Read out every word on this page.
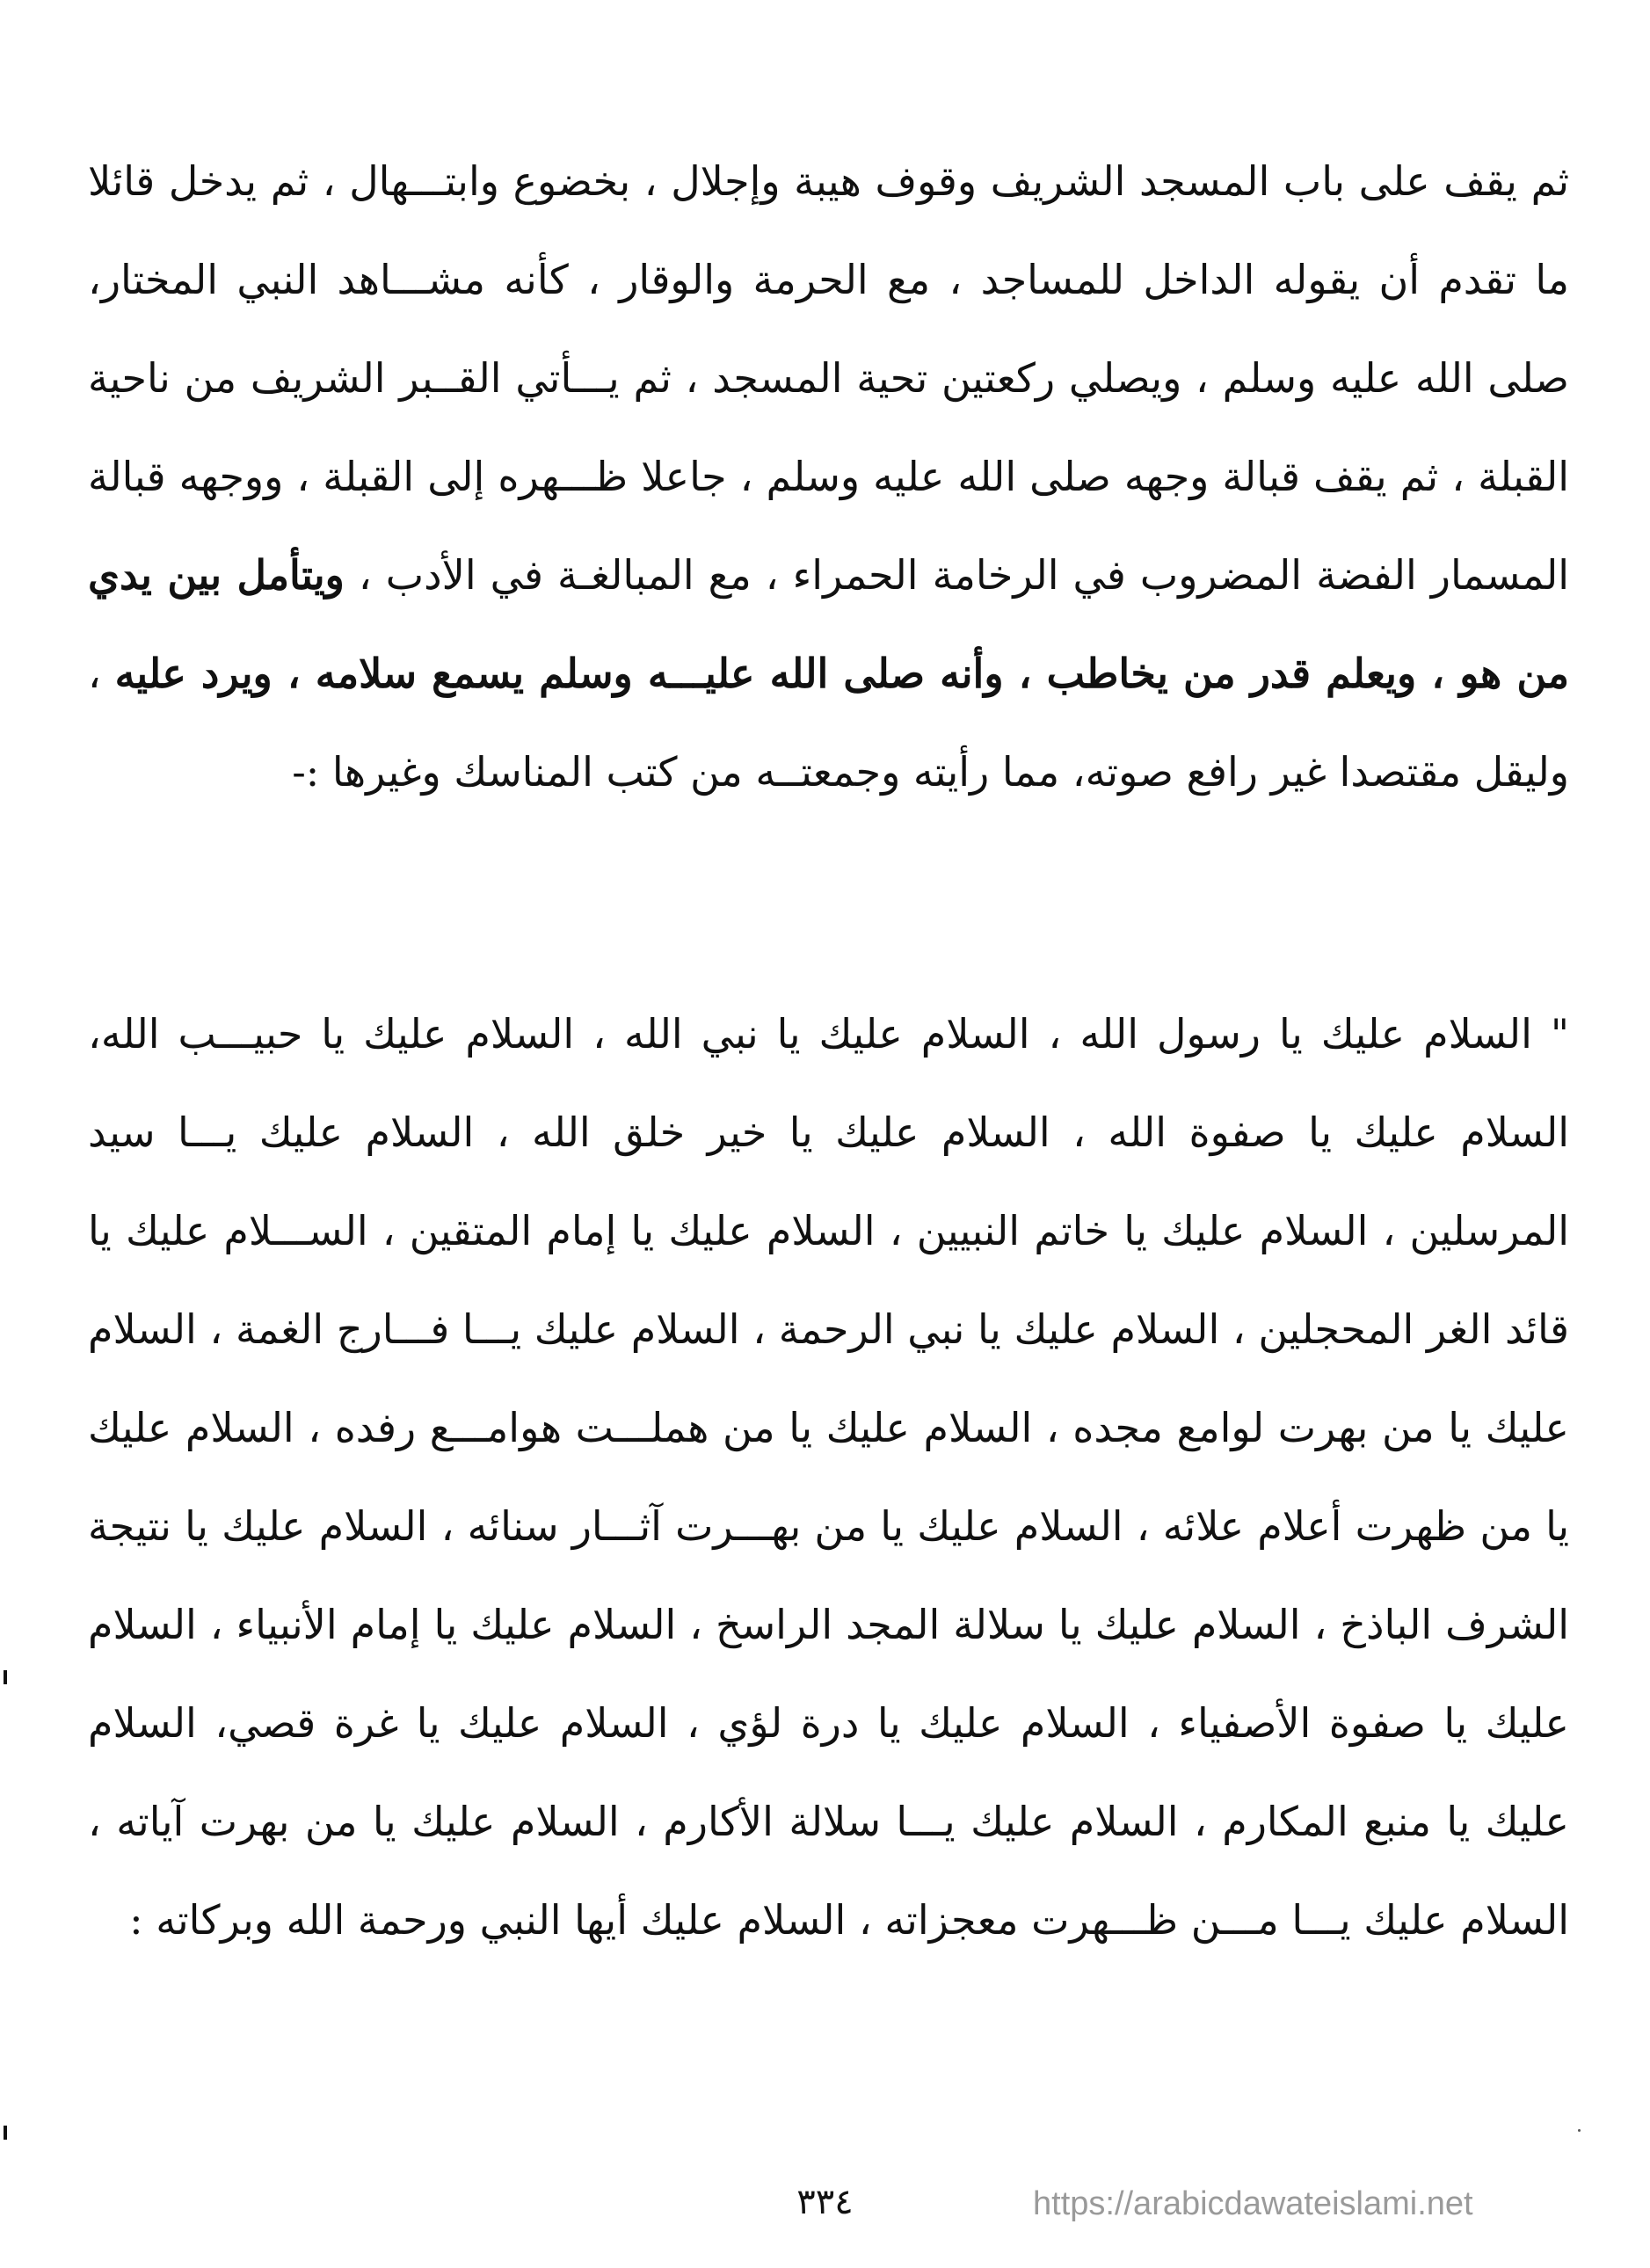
ثم يقف على باب المسجد الشريف وقوف هيبة وإجلال ، بخضوع وابتـــهال ، ثم يدخل قائلا ما تقدم أن يقوله الداخل للمساجد ، مع الحرمة والوقار ، كأنه مشـــاهد النبي المختار، صلى الله عليه وسلم ، ويصلي ركعتين تحية المسجد ، ثم يـــأتي القــبر الشريف من ناحية القبلة ، ثم يقف قبالة وجهه صلى الله عليه وسلم ، جاعلا ظـــهره إلى القبلة ، ووجهه قبالة المسمار الفضة المضروب في الرخامة الحمراء ، مع المبالغـة في الأدب ، ويتأمل بين يدي من هو ، ويعلم قدر من يخاطب ، وأنه صلى الله عليـــه وسلم يسمع سلامه ، ويرد عليه ، وليقل مقتصدا غير رافع صوته، مما رأيته وجمعتــه من كتب المناسك وغيرها :-

" السلام عليك يا رسول الله ، السلام عليك يا نبي الله ، السلام عليك يا حبيـــب الله، السلام عليك يا صفوة الله ، السلام عليك يا خير خلق الله ، السلام عليك يـــا سيد المرسلين ، السلام عليك يا خاتم النبيين ، السلام عليك يا إمام المتقين ، الســـلام عليك يا قائد الغر المحجلين ، السلام عليك يا نبي الرحمة ، السلام عليك يـــا فـــارج الغمة ، السلام عليك يا من بهرت لوامع مجده ، السلام عليك يا من هملـــت هوامـــع رفده ، السلام عليك يا من ظهرت أعلام علائه ، السلام عليك يا من بهـــرت آثـــار سنائه ، السلام عليك يا نتيجة الشرف الباذخ ، السلام عليك يا سلالة المجد الراسخ ، السلام عليك يا إمام الأنبياء ، السلام عليك يا صفوة الأصفياء ، السلام عليك يا درة لؤي ، السلام عليك يا غرة قصي، السلام عليك يا منبع المكارم ، السلام عليك يـــا سلالة الأكارم ، السلام عليك يا من بهرت آياته ، السلام عليك يـــا مـــن ظـــهرت معجزاته ، السلام عليك أيها النبي ورحمة الله وبركاته :

٣٣٤	https://arabicdawateislami.net
